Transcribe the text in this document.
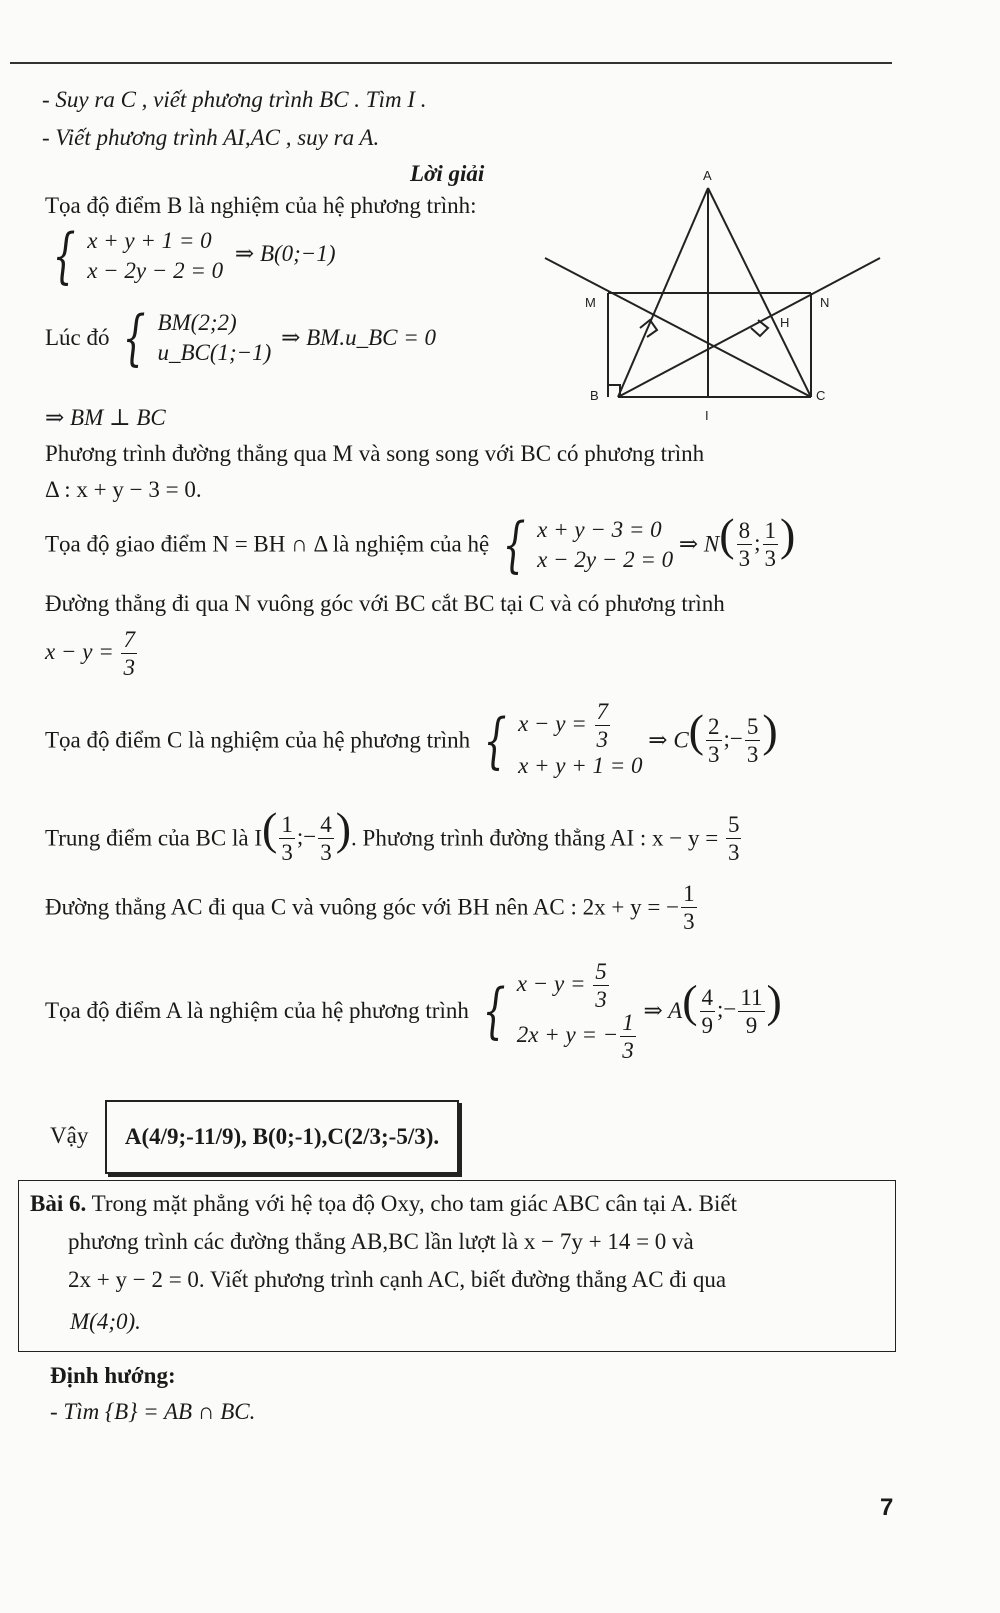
- Suy ra C , viết phương trình BC . Tìm I .
- Viết phương trình AI,AC , suy ra A.
Lời giải	A
M	N
H
B	C
I
Tọa độ điểm B là nghiệm của hệ phương trình:
{ x + y + 1 = 0
x − 2y − 2 = 0
⇒ B(0;−1)
Lúc đó { BM(2;2)
u_BC(1;−1)
⇒ BM.u_BC = 0
⇒ BM ⊥ BC
Phương trình đường thẳng qua M và song song với BC có phương trình
Δ : x + y − 3 = 0.
Tọa độ giao điểm N = BH ∩ Δ là nghiệm của hệ { x + y − 3 = 0
x − 2y − 2 = 0
⇒ $N( \frac{8}{3}$ ; $\frac{1}{3}$ )
Đường thẳng đi qua N vuông góc với BC cắt BC tại C và có phương trình
$x - y = \frac{7}{3}$
Tọa độ điểm C là nghiệm của hệ phương trình { $x - y = \frac{7}{3}$
x + y + 1 = 0
⇒ $C( \frac{2}{3}$ ;− $\frac{5}{3}$ )
Trung điểm của BC là $I( \frac{1}{3}$ ;− $\frac{4}{3}$ ). Phương trình đường thẳng AI : $x - y = \frac{5}{3}$
Đường thẳng AC đi qua C và vuông góc với BH nên AC : 2x + y = − $\frac{1}{3}$
Tọa độ điểm A là nghiệm của hệ phương trình { $x - y = \frac{5}{3}$
2x + y = − $\frac{1}{3}$
⇒ $A( \frac{4}{9}$ ;− $\frac{11}{9}$ )
Vậy A(4/9;-11/9), B(0;-1),C(2/3;-5/3).
Bài 6. Trong mặt phẳng với hệ tọa độ Oxy, cho tam giác ABC cân tại A. Biết
phương trình các đường thẳng AB,BC lần lượt là x − 7y + 14 = 0 và
2x + y − 2 = 0. Viết phương trình cạnh AC, biết đường thẳng AC đi qua
M(4;0).
Định hướng:
- Tìm {B} = AB ∩ BC.
7
